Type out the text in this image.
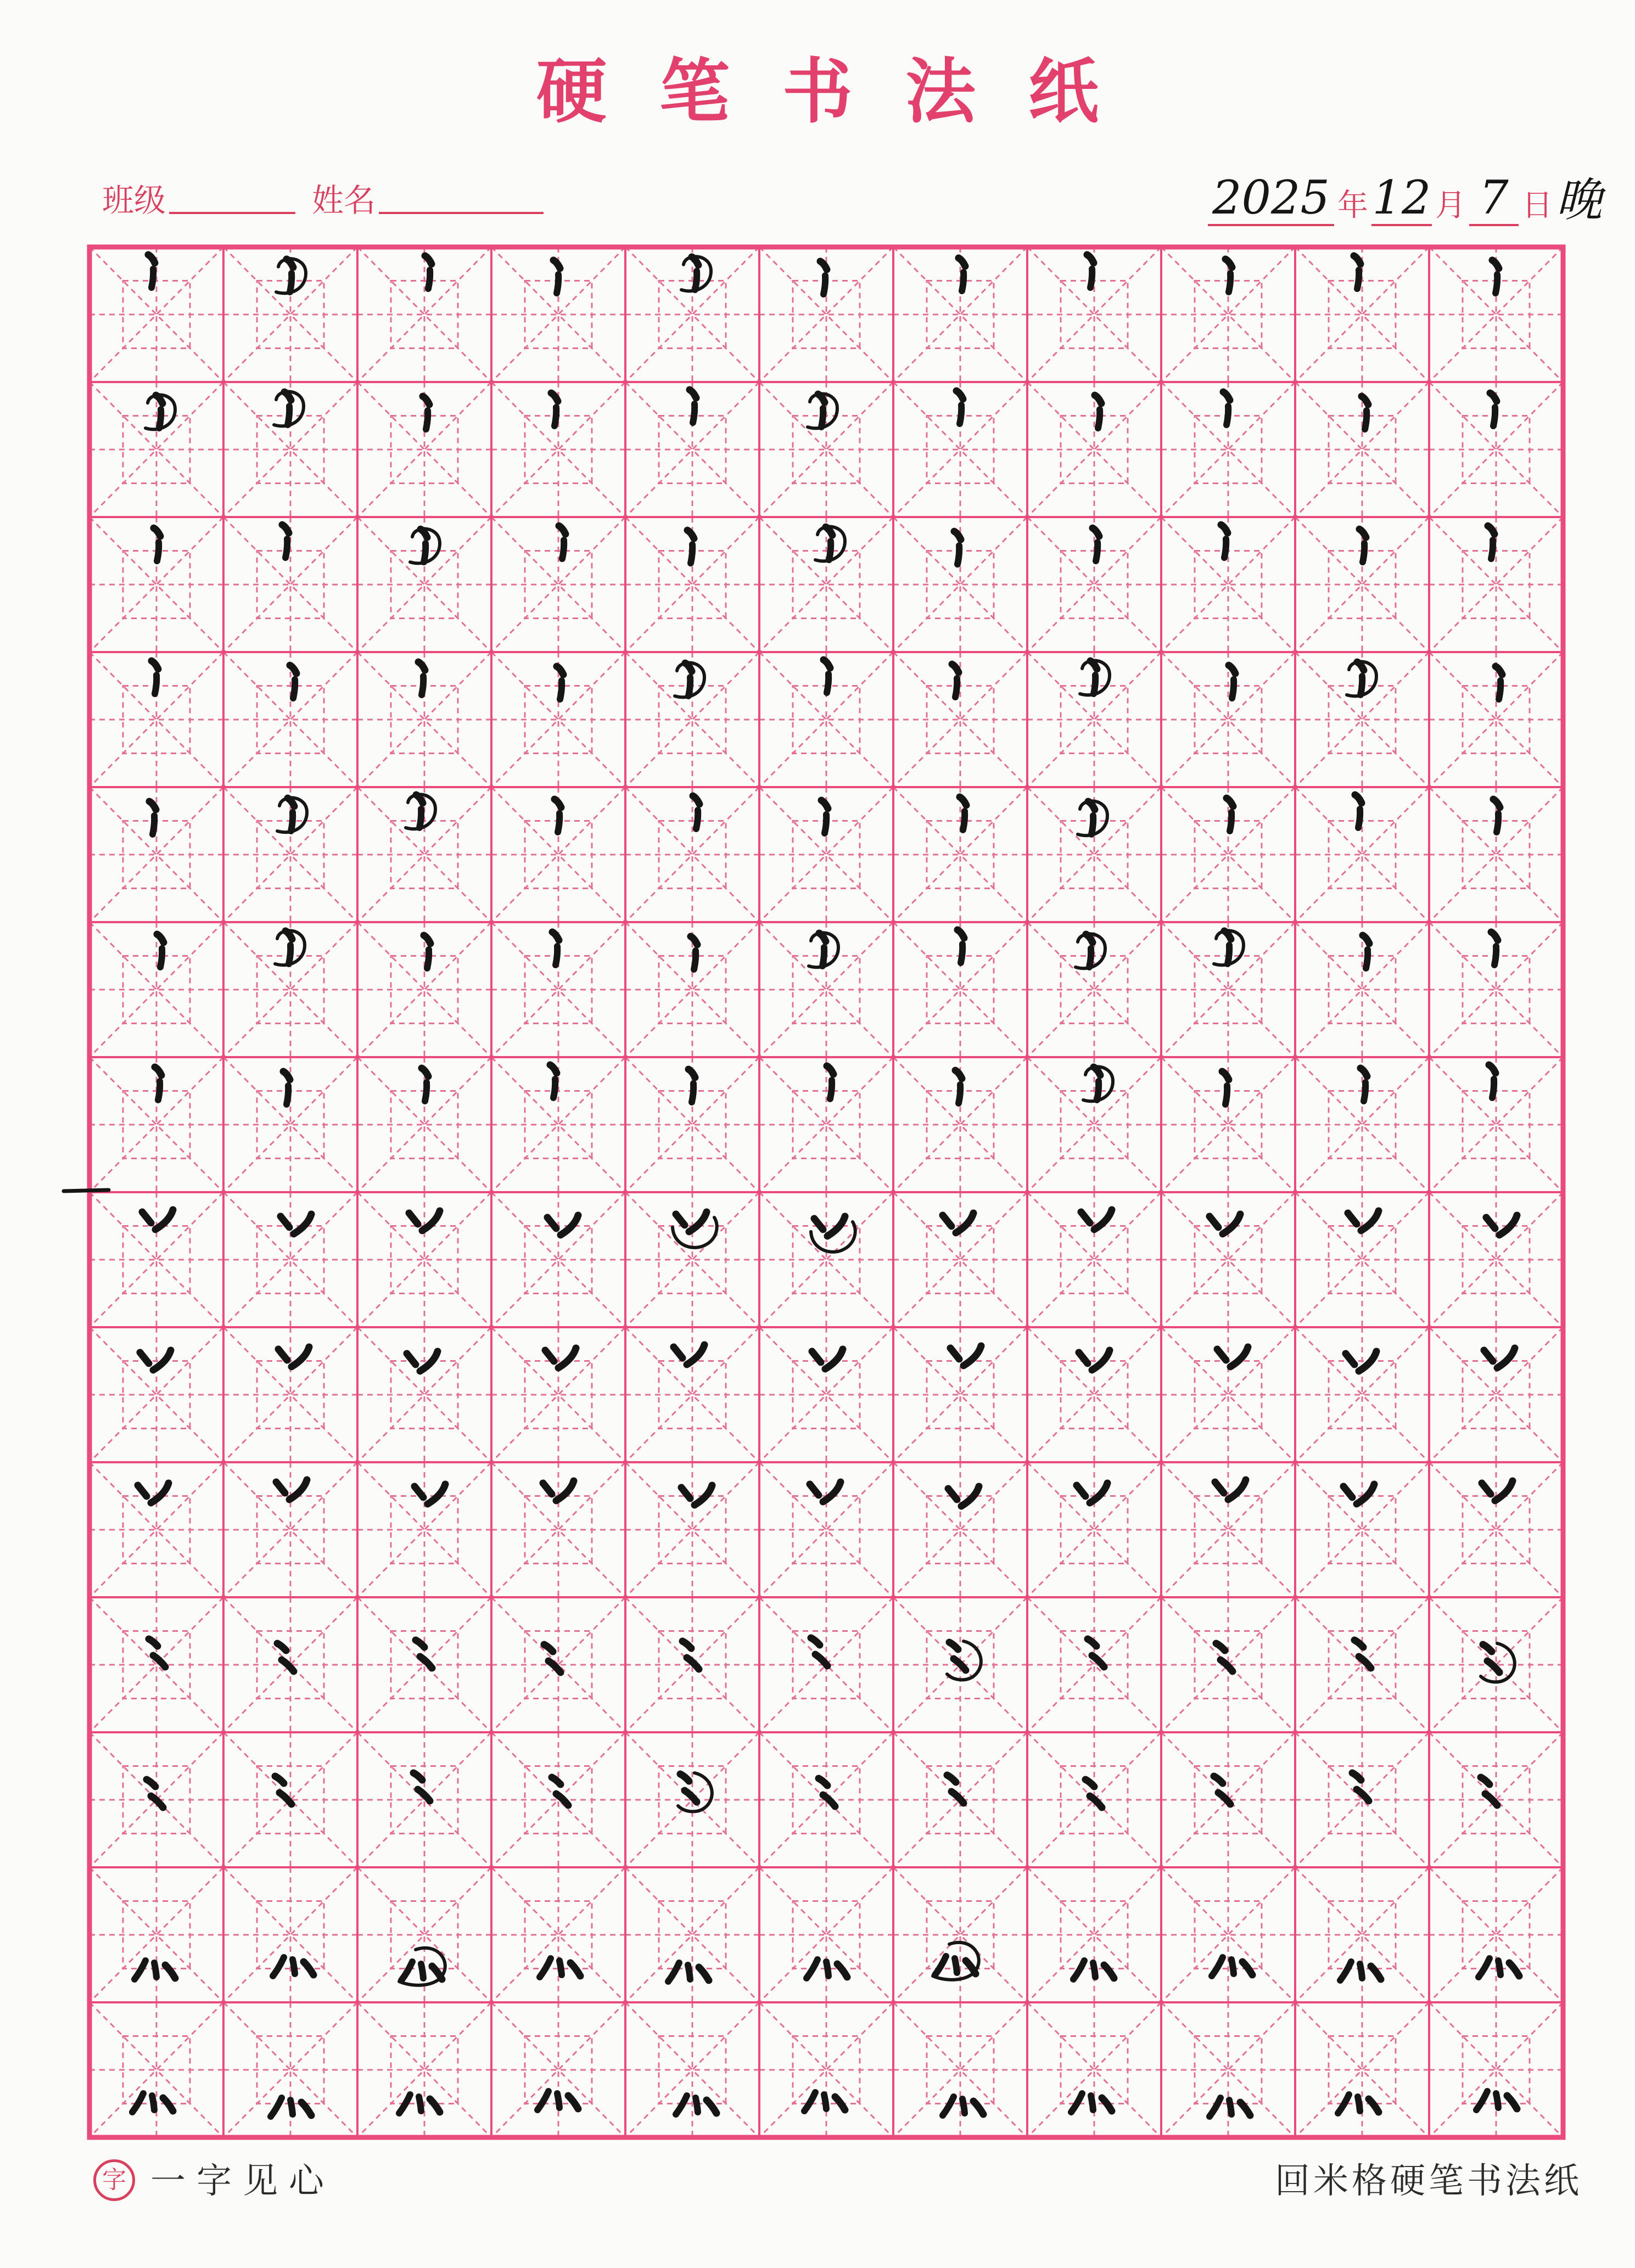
硬笔书法纸
班级	姓名	2025 年 12 月 7 日 晚
字 一字见心	回米格硬笔书法纸
